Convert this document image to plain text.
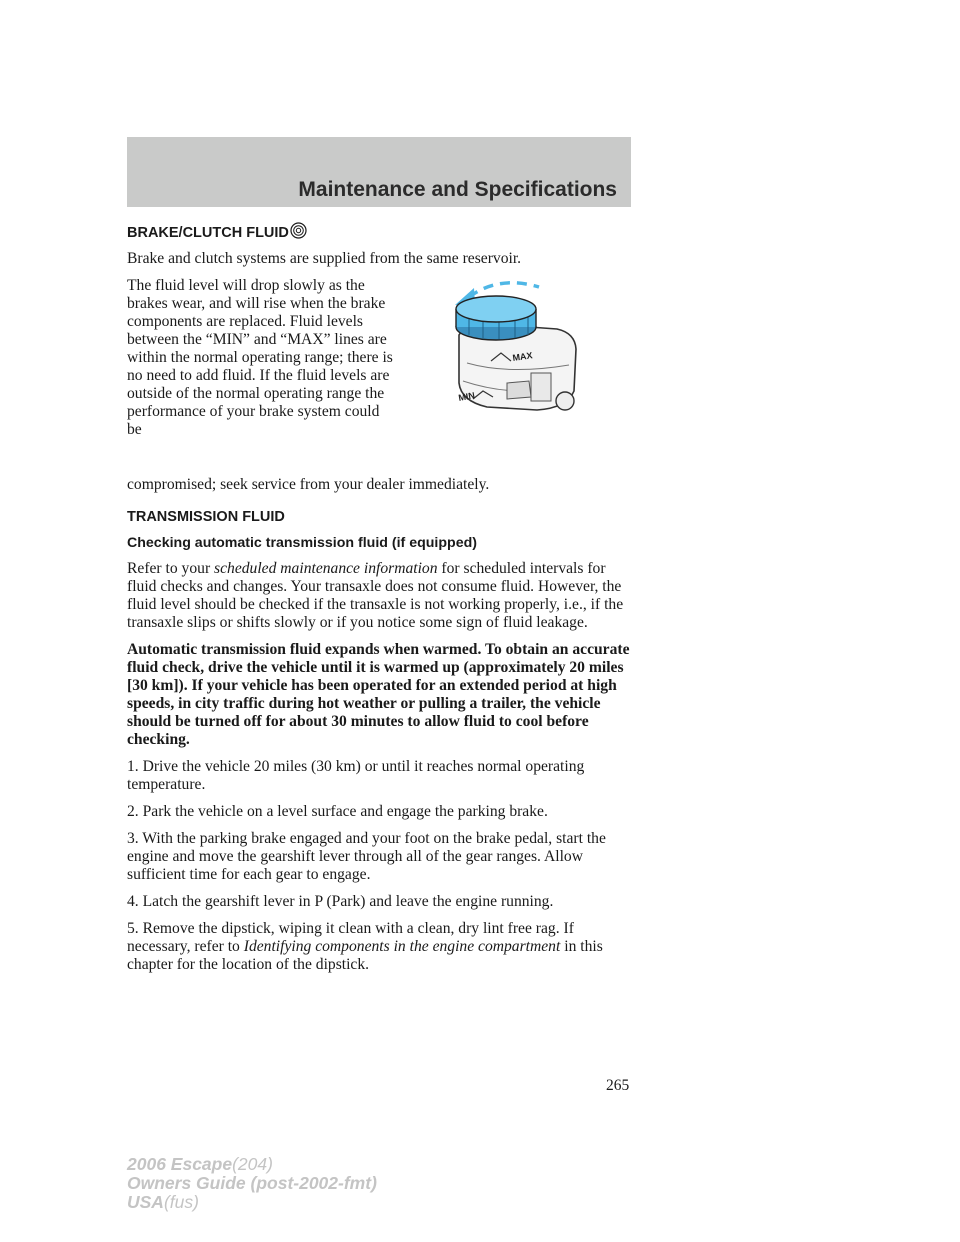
Maintenance and Specifications
BRAKE/CLUTCH FLUID

Brake and clutch systems are supplied from the same reservoir.

The fluid level will drop slowly as the brakes wear, and will rise when the brake components are replaced. Fluid levels between the “MIN” and “MAX” lines are within the normal operating range; there is no need to add fluid. If the fluid levels are outside of the normal operating range the performance of your brake system could be
MAX
MIN

compromised; seek service from your dealer immediately.

TRANSMISSION FLUID
Checking automatic transmission fluid (if equipped)

Refer to your scheduled maintenance information for scheduled intervals for fluid checks and changes. Your transaxle does not consume fluid. However, the fluid level should be checked if the transaxle is not working properly, i.e., if the transaxle slips or shifts slowly or if you notice some sign of fluid leakage.

Automatic transmission fluid expands when warmed. To obtain an accurate fluid check, drive the vehicle until it is warmed up (approximately 20 miles [30 km]). If your vehicle has been operated for an extended period at high speeds, in city traffic during hot weather or pulling a trailer, the vehicle should be turned off for about 30 minutes to allow fluid to cool before checking.

1. Drive the vehicle 20 miles (30 km) or until it reaches normal operating temperature.

2. Park the vehicle on a level surface and engage the parking brake.

3. With the parking brake engaged and your foot on the brake pedal, start the engine and move the gearshift lever through all of the gear ranges. Allow sufficient time for each gear to engage.

4. Latch the gearshift lever in P (Park) and leave the engine running.

5. Remove the dipstick, wiping it clean with a clean, dry lint free rag. If necessary, refer to Identifying components in the engine compartment in this chapter for the location of the dipstick.

265
2006 Escape(204)
Owners Guide (post-2002-fmt)
USA(fus)
